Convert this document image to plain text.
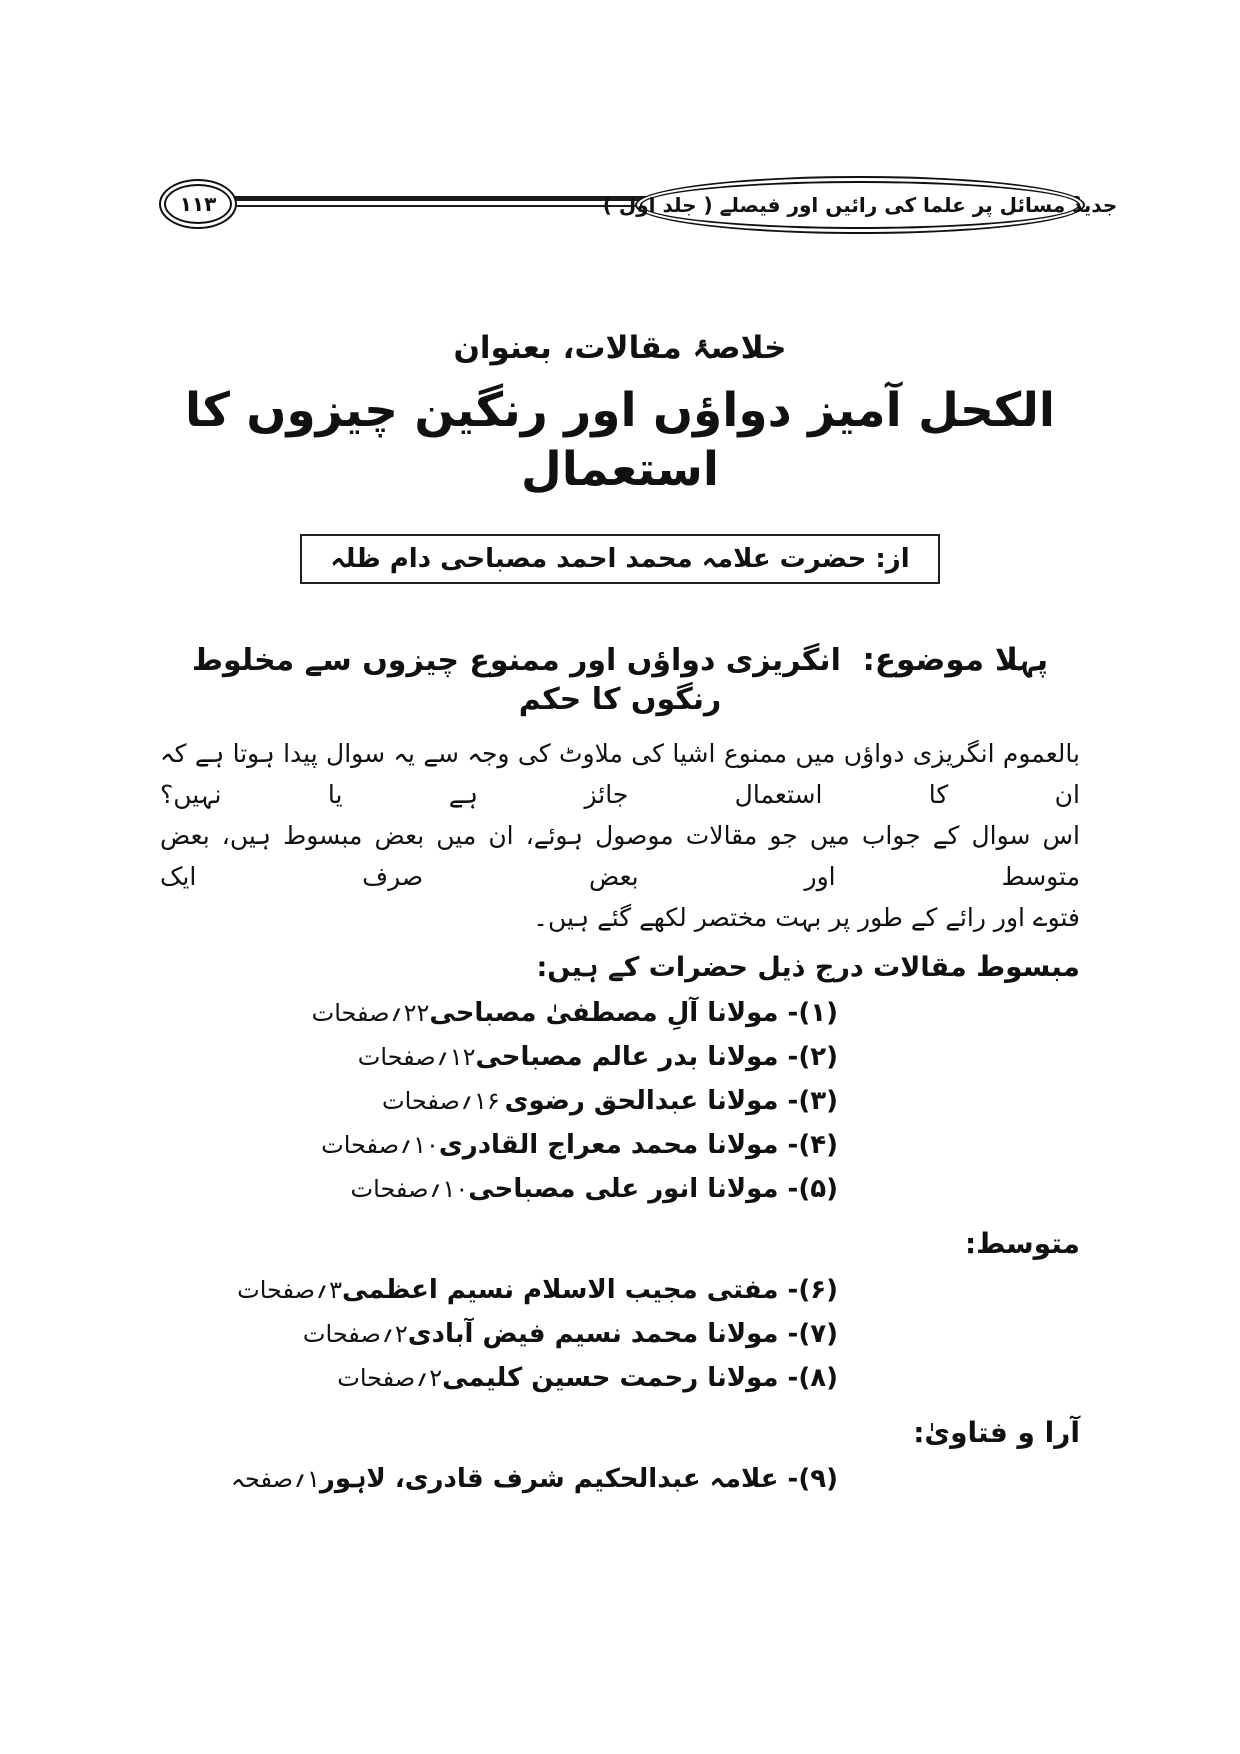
۱۱۳	جدید مسائل پر علما کی رائیں اور فیصلے ( جلد اول )
خلاصۂ مقالات، بعنوان
الکحل آمیز دواؤں اور رنگین چیزوں کا استعمال
از: حضرت علامہ محمد احمد مصباحی دام ظلہ
پہلا موضوع: انگریزی دواؤں اور ممنوع چیزوں سے مخلوط رنگوں کا حکم
بالعموم انگریزی دواؤں میں ممنوع اشیا کی ملاوٹ کی وجہ سے یہ سوال پیدا ہوتا ہے کہ ان کا استعمال جائز ہے یا نہیں؟
اس سوال کے جواب میں جو مقالات موصول ہوئے، ان میں بعض مبسوط ہیں، بعض متوسط اور بعض صرف ایک
فتوے اور رائے کے طور پر بہت مختصر لکھے گئے ہیں۔
مبسوط مقالات درج ذیل حضرات کے ہیں:
(۱)- مولانا آلِ مصطفیٰ مصباحی
۲۲؍صفحات
(۲)- مولانا بدر عالم مصباحی
۱۲؍صفحات
(۳)- مولانا عبدالحق رضوی
۱۶؍صفحات
(۴)- مولانا محمد معراج القادری
۱۰؍صفحات
(۵)- مولانا انور علی مصباحی
۱۰؍صفحات
متوسط:
(۶)- مفتی مجیب الاسلام نسیم اعظمی
۳؍صفحات
(۷)- مولانا محمد نسیم فیض آبادی
۲؍صفحات
(۸)- مولانا رحمت حسین کلیمی
۲؍صفحات
آرا و فتاویٰ:
(۹)- علامہ عبدالحکیم شرف قادری، لاہور
۱؍صفحہ
